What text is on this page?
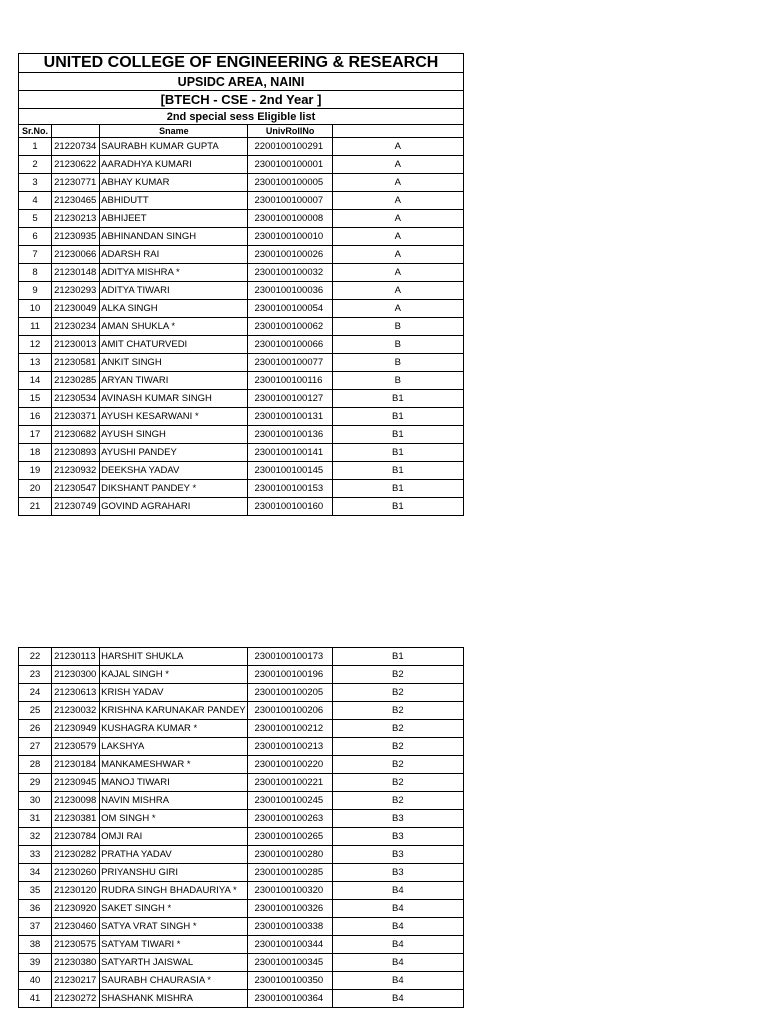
UNITED COLLEGE OF ENGINEERING & RESEARCH				
UPSIDC AREA, NAINI				
[BTECH - CSE - 2nd Year ]				
2nd special sess Eligible list				
Sr.No.		Sname	UnivRollNo	
1	21220734	SAURABH KUMAR GUPTA	2200100100291	A
2	21230622	AARADHYA KUMARI	2300100100001	A
3	21230771	ABHAY KUMAR	2300100100005	A
4	21230465	ABHIDUTT	2300100100007	A
5	21230213	ABHIJEET	2300100100008	A
6	21230935	ABHINANDAN SINGH	2300100100010	A
7	21230066	ADARSH RAI	2300100100026	A
8	21230148	ADITYA MISHRA *	2300100100032	A
9	21230293	ADITYA TIWARI	2300100100036	A
10	21230049	ALKA SINGH	2300100100054	A
11	21230234	AMAN SHUKLA *	2300100100062	B
12	21230013	AMIT CHATURVEDI	2300100100066	B
13	21230581	ANKIT SINGH	2300100100077	B
14	21230285	ARYAN TIWARI	2300100100116	B
15	21230534	AVINASH KUMAR SINGH	2300100100127	B1
16	21230371	AYUSH KESARWANI *	2300100100131	B1
17	21230682	AYUSH SINGH	2300100100136	B1
18	21230893	AYUSHI PANDEY	2300100100141	B1
19	21230932	DEEKSHA YADAV	2300100100145	B1
20	21230547	DIKSHANT PANDEY *	2300100100153	B1
21	21230749	GOVIND AGRAHARI	2300100100160	B1
22	21230113	HARSHIT SHUKLA	2300100100173	B1
23	21230300	KAJAL SINGH *	2300100100196	B2
24	21230613	KRISH YADAV	2300100100205	B2
25	21230032	KRISHNA KARUNAKAR PANDEY	2300100100206	B2
26	21230949	KUSHAGRA KUMAR *	2300100100212	B2
27	21230579	LAKSHYA	2300100100213	B2
28	21230184	MANKAMESHWAR *	2300100100220	B2
29	21230945	MANOJ TIWARI	2300100100221	B2
30	21230098	NAVIN MISHRA	2300100100245	B2
31	21230381	OM SINGH *	2300100100263	B3
32	21230784	OMJI RAI	2300100100265	B3
33	21230282	PRATHA YADAV	2300100100280	B3
34	21230260	PRIYANSHU GIRI	2300100100285	B3
35	21230120	RUDRA SINGH BHADAURIYA *	2300100100320	B4
36	21230920	SAKET SINGH *	2300100100326	B4
37	21230460	SATYA VRAT SINGH *	2300100100338	B4
38	21230575	SATYAM TIWARI *	2300100100344	B4
39	21230380	SATYARTH JAISWAL	2300100100345	B4
40	21230217	SAURABH CHAURASIA *	2300100100350	B4
41	21230272	SHASHANK MISHRA	2300100100364	B4
